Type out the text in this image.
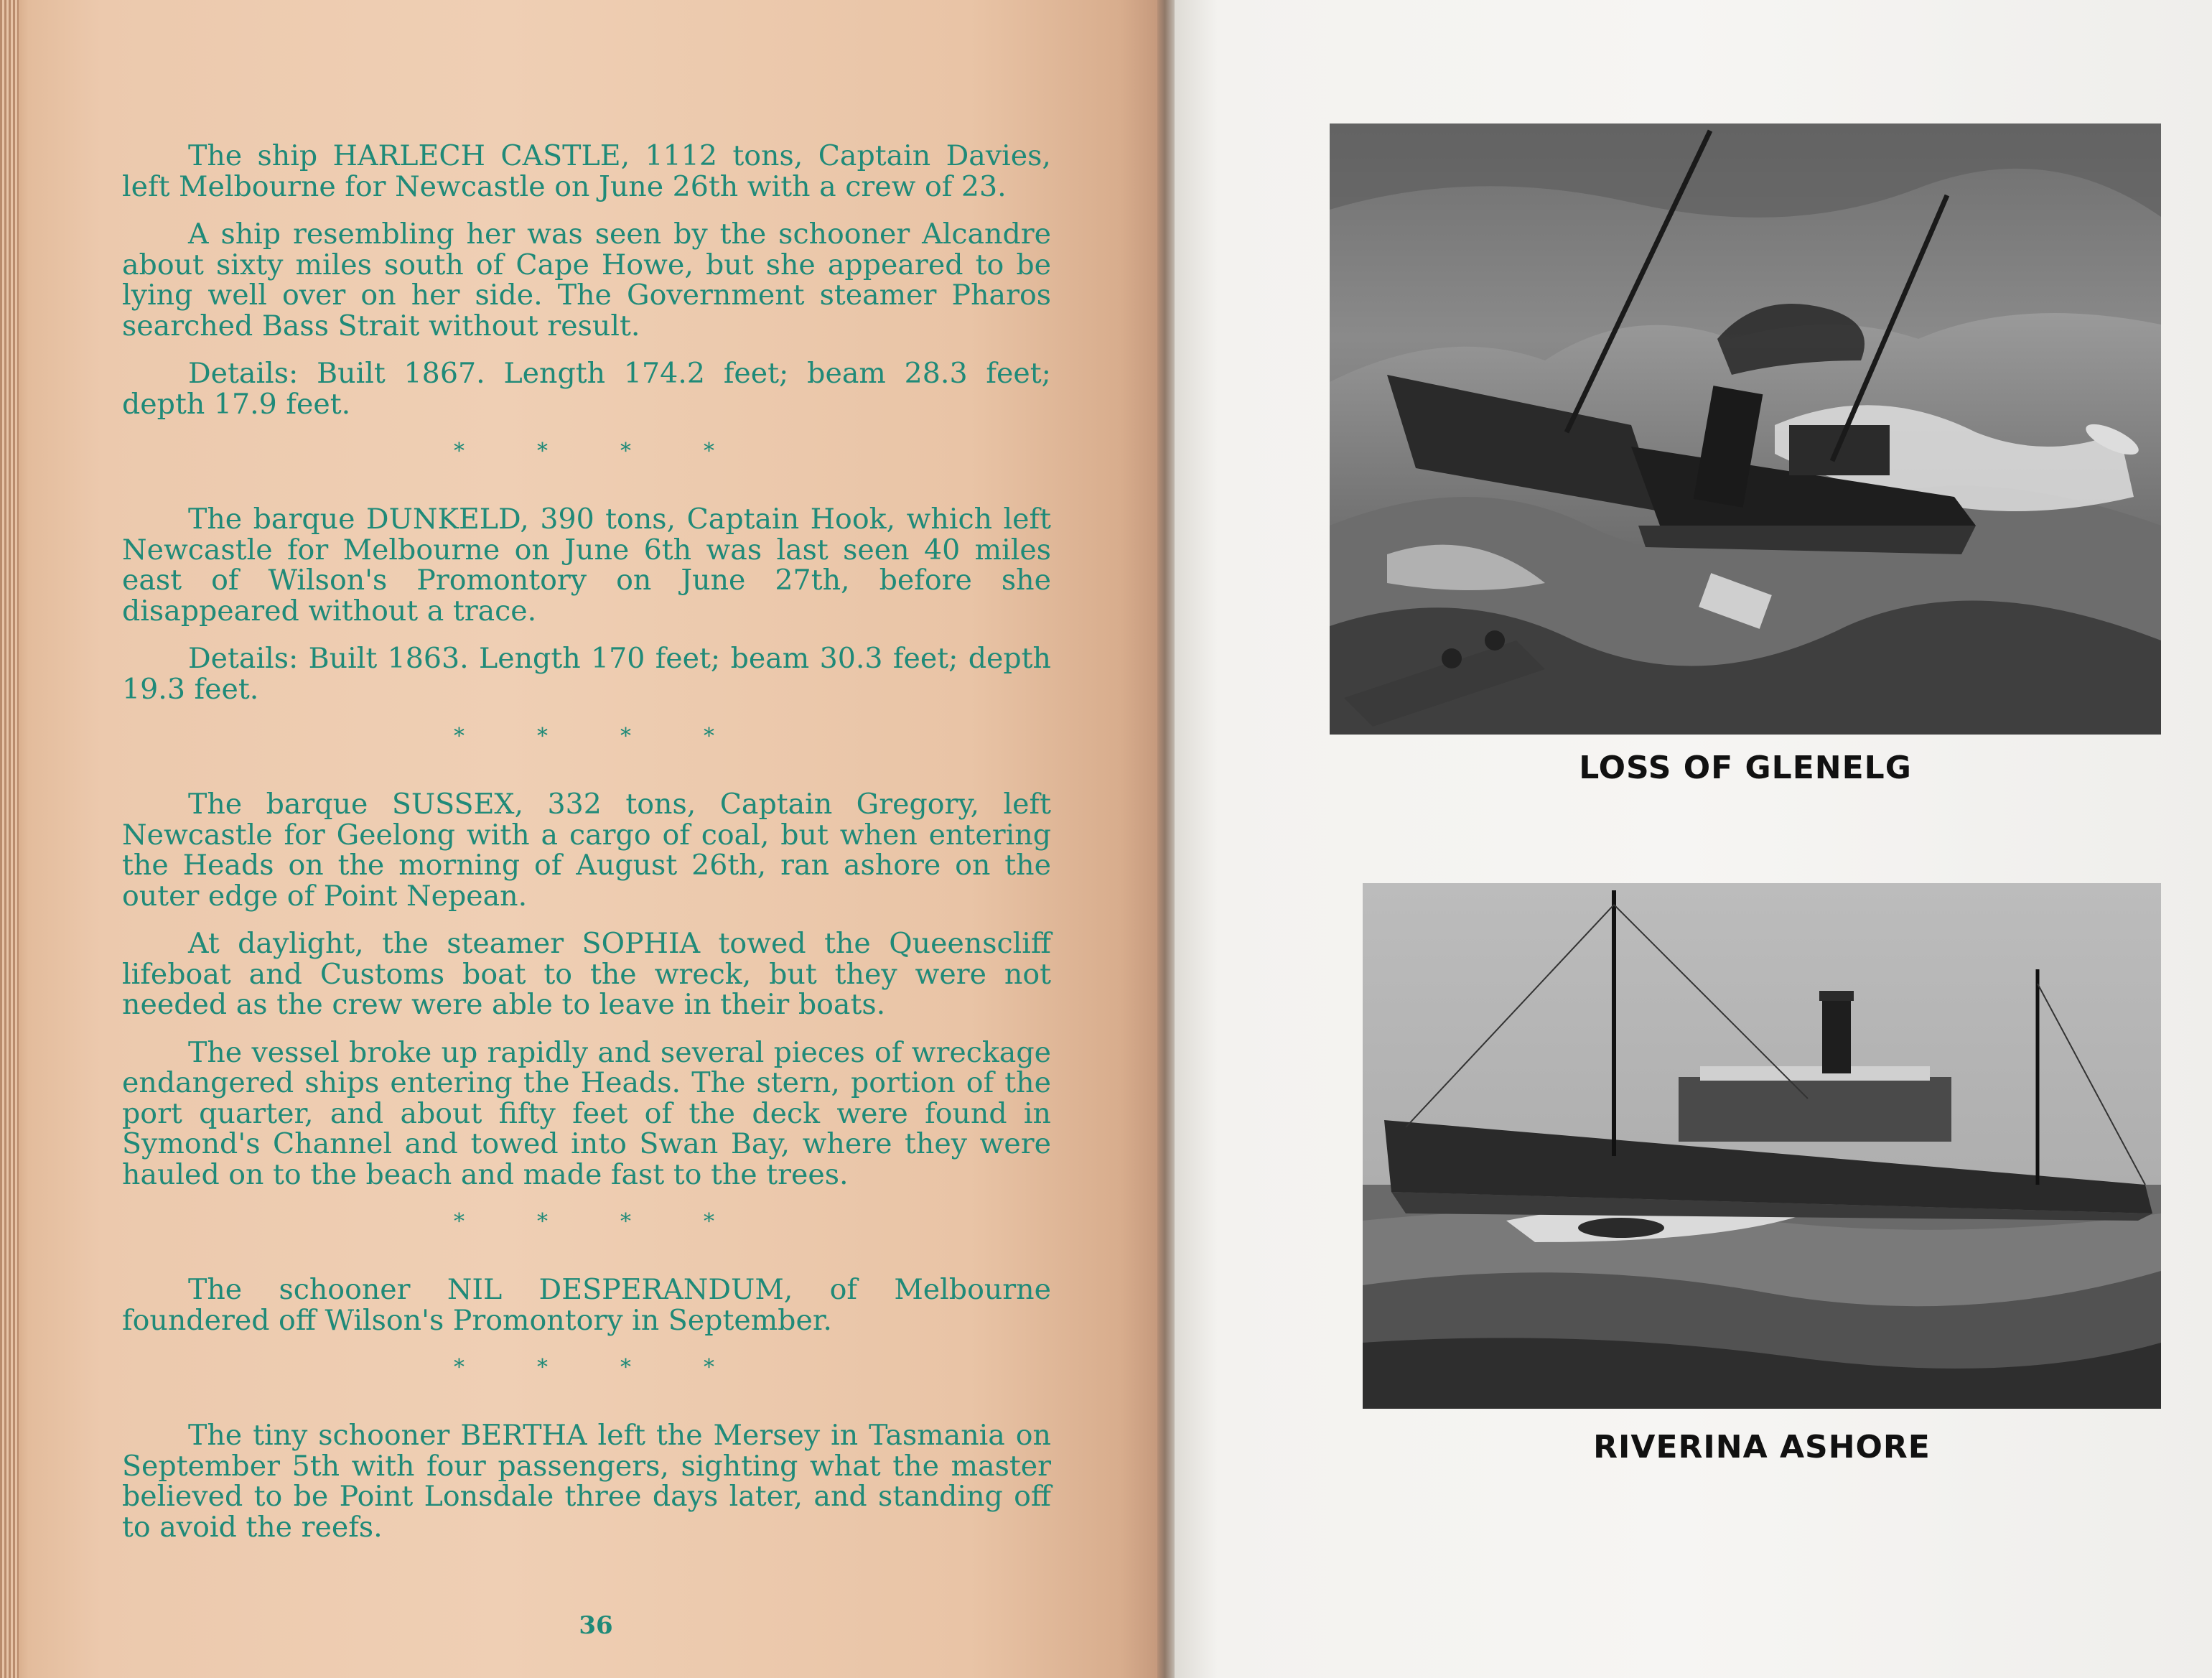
The ship HARLECH CASTLE, 1112 tons, Captain Davies, left Melbourne for Newcastle on June 26th with a crew of 23.

A ship resembling her was seen by the schooner Alcandre about sixty miles south of Cape Howe, but she appeared to be lying well over on her side. The Government steamer Pharos searched Bass Strait without result.

Details: Built 1867. Length 174.2 feet; beam 28.3 feet; depth 17.9 feet.

*	*	*	*

The barque DUNKELD, 390 tons, Captain Hook, which left Newcastle for Melbourne on June 6th was last seen 40 miles east of Wilson's Promontory on June 27th, before she disappeared without a trace.

Details: Built 1863. Length 170 feet; beam 30.3 feet; depth 19.3 feet.

*	*	*	*

The barque SUSSEX, 332 tons, Captain Gregory, left Newcastle for Geelong with a cargo of coal, but when entering the Heads on the morning of August 26th, ran ashore on the outer edge of Point Nepean.

At daylight, the steamer SOPHIA towed the Queenscliff lifeboat and Customs boat to the wreck, but they were not needed as the crew were able to leave in their boats.

The vessel broke up rapidly and several pieces of wreckage endangered ships entering the Heads. The stern, portion of the port quarter, and about fifty feet of the deck were found in Symond's Channel and towed into Swan Bay, where they were hauled on to the beach and made fast to the trees.

*	*	*	*

The schooner NIL DESPERANDUM, of Melbourne foundered off Wilson's Promontory in September.

*	*	*	*

The tiny schooner BERTHA left the Mersey in Tasmania on September 5th with four passengers, sighting what the master believed to be Point Lonsdale three days later, and standing off to avoid the reefs.

36
LOSS OF GLENELG
RIVERINA ASHORE
